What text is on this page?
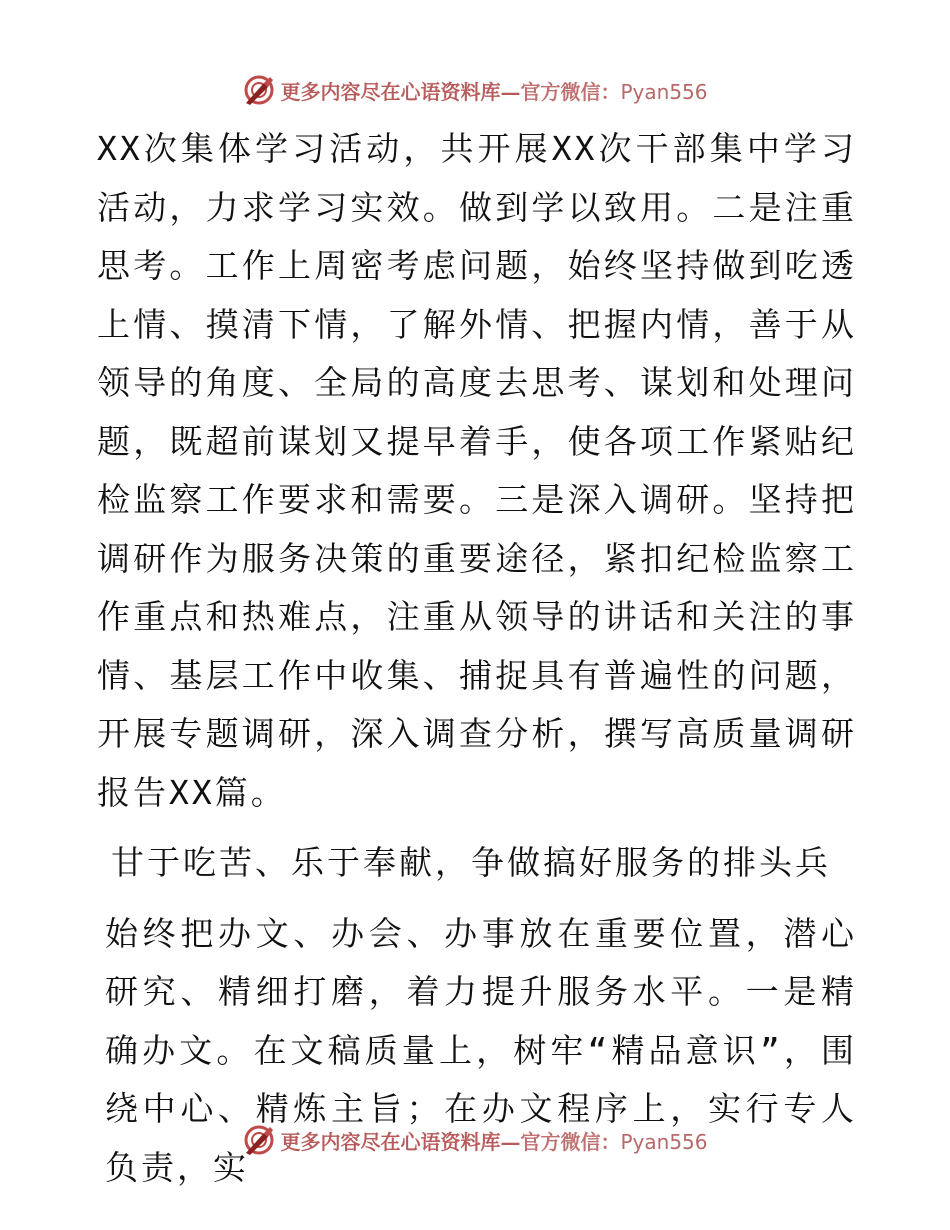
更多内容尽在心语资料库—官方微信：Pyan556

XX次集体学习活动，共开展XX次干部集中学习活动，力求学习实效。做到学以致用。二是注重思考。工作上周密考虑问题，始终坚持做到吃透上情、摸清下情，了解外情、把握内情，善于从领导的角度、全局的高度去思考、谋划和处理问题，既超前谋划又提早着手，使各项工作紧贴纪检监察工作要求和需要。三是深入调研。坚持把调研作为服务决策的重要途径，紧扣纪检监察工作重点和热难点，注重从领导的讲话和关注的事情、基层工作中收集、捕捉具有普遍性的问题，开展专题调研，深入调查分析，撰写高质量调研报告XX篇。

甘于吃苦、乐于奉献，争做搞好服务的排头兵

始终把办文、办会、办事放在重要位置，潜心研究、精细打磨，着力提升服务水平。一是精确办文。在文稿质量上，树牢“精品意识”，围绕中心、精炼主旨；在办文程序上，实行专人负责，实

更多内容尽在心语资料库—官方微信：Pyan556
